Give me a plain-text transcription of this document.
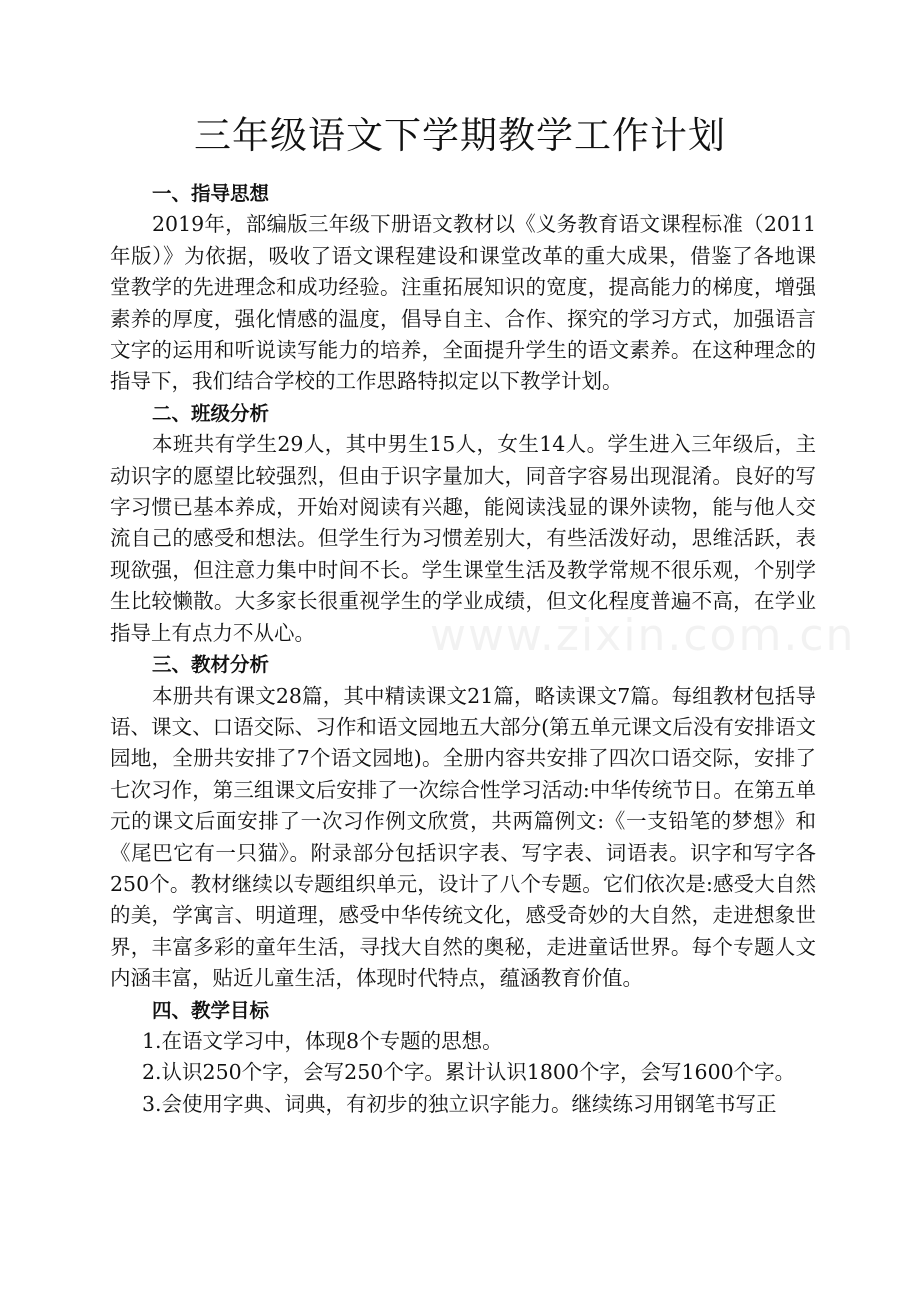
三年级语文下学期教学工作计划

一、指导思想

2019年，部编版三年级下册语文教材以《义务教育语文课程标准（2011年版）》为依据，吸收了语文课程建设和课堂改革的重大成果，借鉴了各地课堂教学的先进理念和成功经验。注重拓展知识的宽度，提高能力的梯度，增强素养的厚度，强化情感的温度，倡导自主、合作、探究的学习方式，加强语言文字的运用和听说读写能力的培养，全面提升学生的语文素养。在这种理念的指导下，我们结合学校的工作思路特拟定以下教学计划。

二、班级分析

本班共有学生29人，其中男生15人，女生14人。学生进入三年级后，主动识字的愿望比较强烈，但由于识字量加大，同音字容易出现混淆。良好的写字习惯已基本养成，开始对阅读有兴趣，能阅读浅显的课外读物，能与他人交流自己的感受和想法。但学生行为习惯差别大，有些活泼好动，思维活跃，表现欲强，但注意力集中时间不长。学生课堂生活及教学常规不很乐观，个别学生比较懒散。大多家长很重视学生的学业成绩，但文化程度普遍不高，在学业指导上有点力不从心。

三、教材分析

本册共有课文28篇，其中精读课文21篇，略读课文7篇。每组教材包括导语、课文、口语交际、习作和语文园地五大部分(第五单元课文后没有安排语文园地，全册共安排了7个语文园地)。全册内容共安排了四次口语交际，安排了七次习作，第三组课文后安排了一次综合性学习活动:中华传统节日。在第五单元的课文后面安排了一次习作例文欣赏，共两篇例文:《一支铅笔的梦想》和《尾巴它有一只猫》。附录部分包括识字表、写字表、词语表。识字和写字各250个。教材继续以专题组织单元，设计了八个专题。它们依次是:感受大自然的美，学寓言、明道理，感受中华传统文化，感受奇妙的大自然，走进想象世界，丰富多彩的童年生活，寻找大自然的奥秘，走进童话世界。每个专题人文内涵丰富，贴近儿童生活，体现时代特点，蕴涵教育价值。

四、教学目标

1.在语文学习中，体现8个专题的思想。

2.认识250个字，会写250个字。累计认识1800个字，会写1600个字。

3.会使用字典、词典，有初步的独立识字能力。继续练习用钢笔书写正

www.zixin.com.cn
